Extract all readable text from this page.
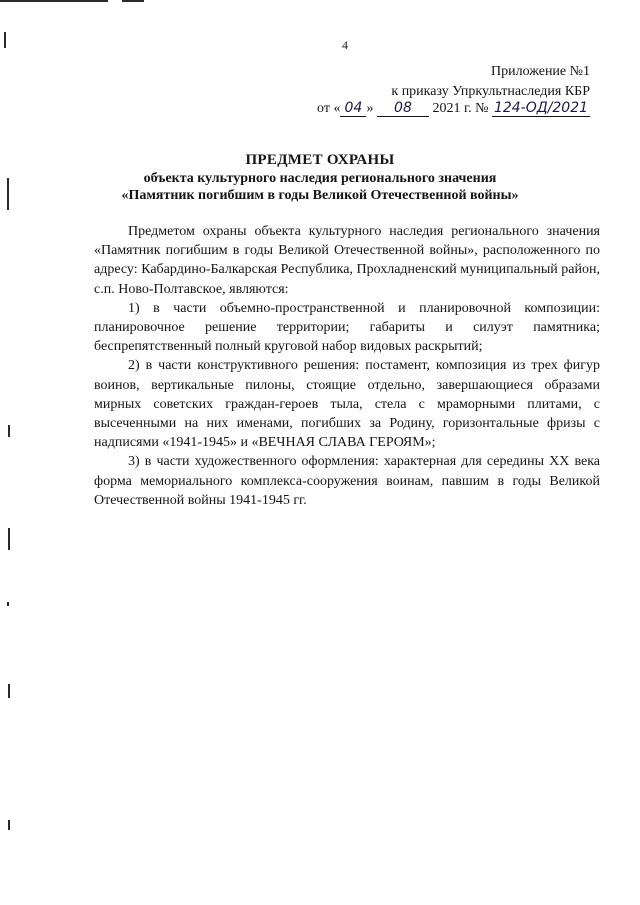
4
Приложение №1
к приказу Упркультнаследия КБР
от « 04 » 08 2021 г. № 124-ОД/2021
ПРЕДМЕТ ОХРАНЫ
объекта культурного наследия регионального значения
«Памятник погибшим в годы Великой Отечественной войны»

Предметом охраны объекта культурного наследия регионального значения «Памятник погибшим в годы Великой Отечественной войны», расположенного по адресу: Кабардино-Балкарская Республика, Прохладненский муниципальный район, с.п. Ново-Полтавское, являются:

1) в части объемно-пространственной и планировочной композиции: планировочное решение территории; габариты и силуэт памятника; беспрепятственный полный круговой набор видовых раскрытий;

2) в части конструктивного решения: постамент, композиция из трех фигур воинов, вертикальные пилоны, стоящие отдельно, завершающиеся образами мирных советских граждан-героев тыла, стела с мраморными плитами, с высеченными на них именами, погибших за Родину, горизонтальные фризы с надписями «1941-1945» и «ВЕЧНАЯ СЛАВА ГЕРОЯМ»;

3) в части художественного оформления: характерная для середины XX века форма мемориального комплекса-сооружения воинам, павшим в годы Великой Отечественной войны 1941-1945 гг.
